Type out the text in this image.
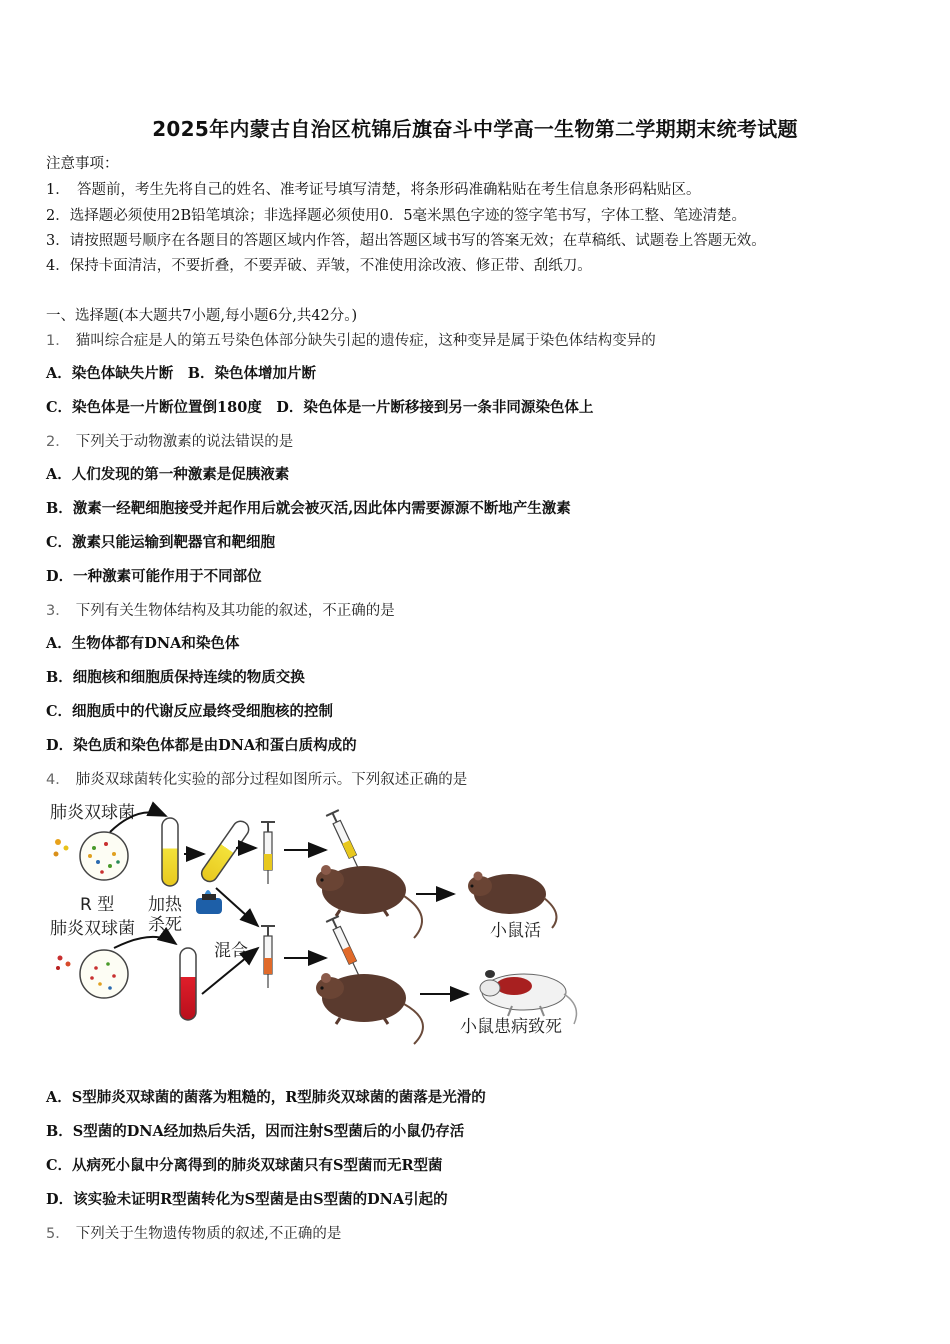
2025年内蒙古自治区杭锦后旗奋斗中学高一生物第二学期期末统考试题
注意事项：
1．　答题前，考生先将自己的姓名、准考证号填写清楚，将条形码准确粘贴在考生信息条形码粘贴区。
2．选择题必须使用2B铅笔填涂；非选择题必须使用0．5毫米黑色字迹的签字笔书写，字体工整、笔迹清楚。
3．请按照题号顺序在各题目的答题区域内作答，超出答题区域书写的答案无效；在草稿纸、试题卷上答题无效。
4．保持卡面清洁，不要折叠，不要弄破、弄皱，不准使用涂改液、修正带、刮纸刀。
一、选择题(本大题共7小题,每小题6分,共42分。)
1． 猫叫综合症是人的第五号染色体部分缺失引起的遗传症，这种变异是属于染色体结构变异的
A．染色体缺失片断　B．染色体增加片断
C．染色体是一片断位置倒180度　D．染色体是一片断移接到另一条非同源染色体上
2． 下列关于动物激素的说法错误的是
A．人们发现的第一种激素是促胰液素
B．激素一经靶细胞接受并起作用后就会被灭活,因此体内需要源源不断地产生激素
C．激素只能运输到靶器官和靶细胞
D．一种激素可能作用于不同部位
3． 下列有关生物体结构及其功能的叙述，不正确的是
A．生物体都有DNA和染色体
B．细胞核和细胞质保持连续的物质交换
C．细胞质中的代谢反应最终受细胞核的控制
D．染色质和染色体都是由DNA和蛋白质构成的
4． 肺炎双球菌转化实验的部分过程如图所示。下列叙述正确的是
肺炎双球菌
R 型
肺炎双球菌
加热
杀死
混合
小鼠活
小鼠患病致死
A．S型肺炎双球菌的菌落为粗糙的，R型肺炎双球菌的菌落是光滑的
B．S型菌的DNA经加热后失活，因而注射S型菌后的小鼠仍存活
C．从病死小鼠中分离得到的肺炎双球菌只有S型菌而无R型菌
D．该实验未证明R型菌转化为S型菌是由S型菌的DNA引起的
5． 下列关于生物遗传物质的叙述,不正确的是
